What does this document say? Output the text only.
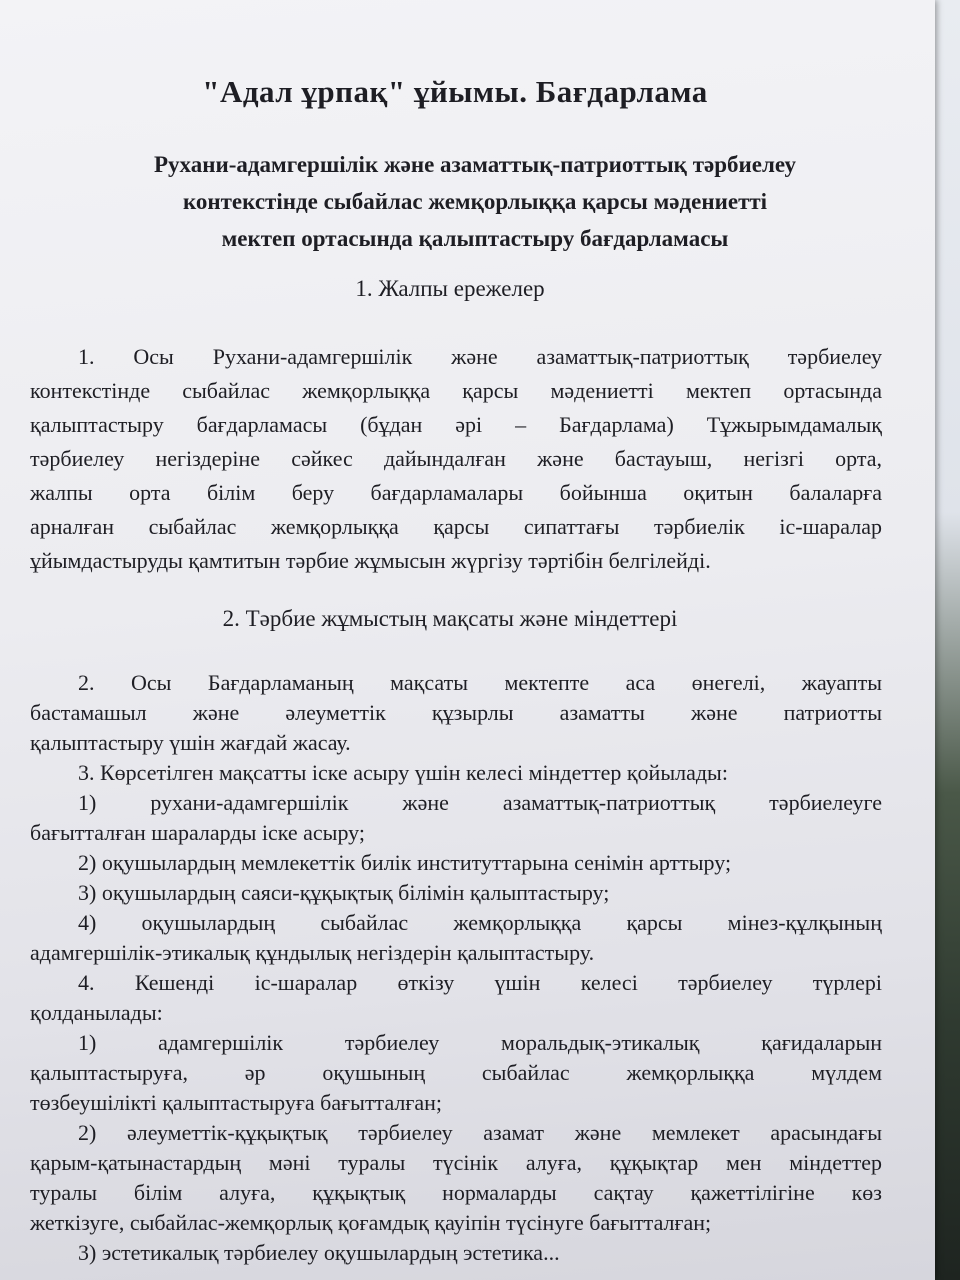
"Адал ұрпақ" ұйымы. Бағдарлама
Рухани-адамгершілік және азаматтық-патриоттық тәрбиелеу
контекстінде сыбайлас жемқорлыққа қарсы мәдениетті
мектеп ортасында қалыптастыру бағдарламасы
1. Жалпы ережелер
1. Осы Рухани-адамгершілік және азаматтық-патриоттық тәрбиелеу
контекстінде сыбайлас жемқорлыққа қарсы мәдениетті мектеп ортасында
қалыптастыру бағдарламасы (бұдан әрі – Бағдарлама) Тұжырымдамалық
тәрбиелеу негіздеріне сәйкес дайындалған және бастауыш, негізгі орта,
жалпы орта білім беру бағдарламалары бойынша оқитын балаларға
арналған сыбайлас жемқорлыққа қарсы сипаттағы тәрбиелік іс-шаралар
ұйымдастыруды қамтитын тәрбие жұмысын жүргізу тәртібін белгілейді.
2. Тәрбие жұмыстың мақсаты және міндеттері
2. Осы Бағдарламаның мақсаты мектепте аса өнегелі, жауапты
бастамашыл және әлеуметтік құзырлы азаматты және патриотты
қалыптастыру үшін жағдай жасау.
3. Көрсетілген мақсатты іске асыру үшін келесі міндеттер қойылады:
1) рухани-адамгершілік және азаматтық-патриоттық тәрбиелеуге
бағытталған шараларды іске асыру;
2) оқушылардың мемлекеттік билік институттарына сенімін арттыру;
3) оқушылардың саяси-құқықтық білімін қалыптастыру;
4) оқушылардың сыбайлас жемқорлыққа қарсы мінез-құлқының
адамгершілік-этикалық құндылық негіздерін қалыптастыру.
4. Кешенді іс-шаралар өткізу үшін келесі тәрбиелеу түрлері
қолданылады:
1) адамгершілік тәрбиелеу моральдық-этикалық қағидаларын
қалыптастыруға, әр оқушының сыбайлас жемқорлыққа мүлдем
төзбеушілікті қалыптастыруға бағытталған;
2) әлеуметтік-құқықтық тәрбиелеу азамат және мемлекет арасындағы
қарым-қатынастардың мәні туралы түсінік алуға, құқықтар мен міндеттер
туралы білім алуға, құқықтық нормаларды сақтау қажеттілігіне көз
жеткізуге, сыбайлас-жемқорлық қоғамдық қауіпін түсінуге бағытталған;
3) эстетикалық тәрбиелеу оқушылардың эстетика...
